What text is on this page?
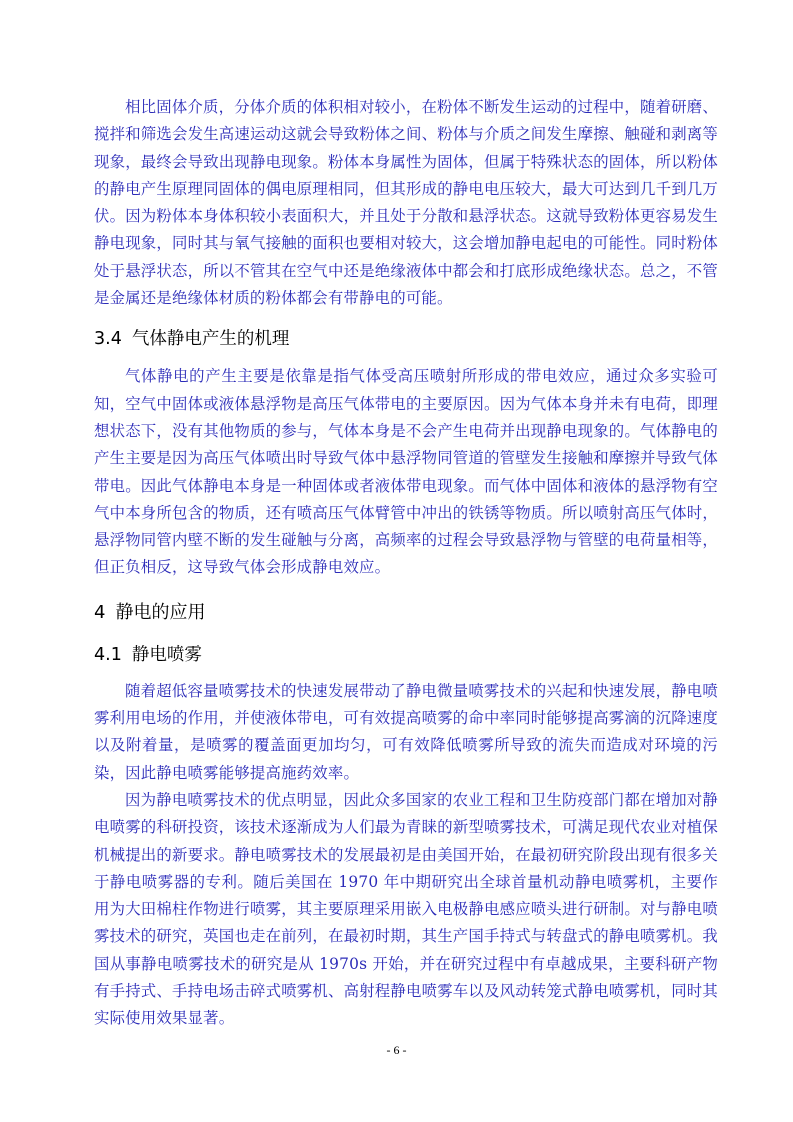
相比固体介质，分体介质的体积相对较小，在粉体不断发生运动的过程中，随着研磨、搅拌和筛选会发生高速运动这就会导致粉体之间、粉体与介质之间发生摩擦、触碰和剥离等现象，最终会导致出现静电现象。粉体本身属性为固体，但属于特殊状态的固体，所以粉体的静电产生原理同固体的偶电原理相同，但其形成的静电电压较大，最大可达到几千到几万伏。因为粉体本身体积较小表面积大，并且处于分散和悬浮状态。这就导致粉体更容易发生静电现象，同时其与氧气接触的面积也要相对较大，这会增加静电起电的可能性。同时粉体处于悬浮状态，所以不管其在空气中还是绝缘液体中都会和打底形成绝缘状态。总之，不管是金属还是绝缘体材质的粉体都会有带静电的可能。

3.4 气体静电产生的机理

气体静电的产生主要是依靠是指气体受高压喷射所形成的带电效应，通过众多实验可知，空气中固体或液体悬浮物是高压气体带电的主要原因。因为气体本身并未有电荷，即理想状态下，没有其他物质的参与，气体本身是不会产生电荷并出现静电现象的。气体静电的产生主要是因为高压气体喷出时导致气体中悬浮物同管道的管壁发生接触和摩擦并导致气体带电。因此气体静电本身是一种固体或者液体带电现象。而气体中固体和液体的悬浮物有空气中本身所包含的物质，还有喷高压气体臂管中冲出的铁锈等物质。所以喷射高压气体时，悬浮物同管内壁不断的发生碰触与分离，高频率的过程会导致悬浮物与管壁的电荷量相等，但正负相反，这导致气体会形成静电效应。

4 静电的应用
4.1 静电喷雾

随着超低容量喷雾技术的快速发展带动了静电微量喷雾技术的兴起和快速发展，静电喷雾利用电场的作用，并使液体带电，可有效提高喷雾的命中率同时能够提高雾滴的沉降速度以及附着量，是喷雾的覆盖面更加均匀，可有效降低喷雾所导致的流失而造成对环境的污染，因此静电喷雾能够提高施药效率。

因为静电喷雾技术的优点明显，因此众多国家的农业工程和卫生防疫部门都在增加对静电喷雾的科研投资，该技术逐渐成为人们最为青睐的新型喷雾技术，可满足现代农业对植保机械提出的新要求。静电喷雾技术的发展最初是由美国开始，在最初研究阶段出现有很多关于静电喷雾器的专利。随后美国在 1970 年中期研究出全球首量机动静电喷雾机，主要作用为大田棉柱作物进行喷雾，其主要原理采用嵌入电极静电感应喷头进行研制。对与静电喷雾技术的研究，英国也走在前列，在最初时期，其生产国手持式与转盘式的静电喷雾机。我国从事静电喷雾技术的研究是从 1970s 开始，并在研究过程中有卓越成果，主要科研产物有手持式、手持电场击碎式喷雾机、高射程静电喷雾车以及风动转笼式静电喷雾机，同时其实际使用效果显著。

- 6 -
